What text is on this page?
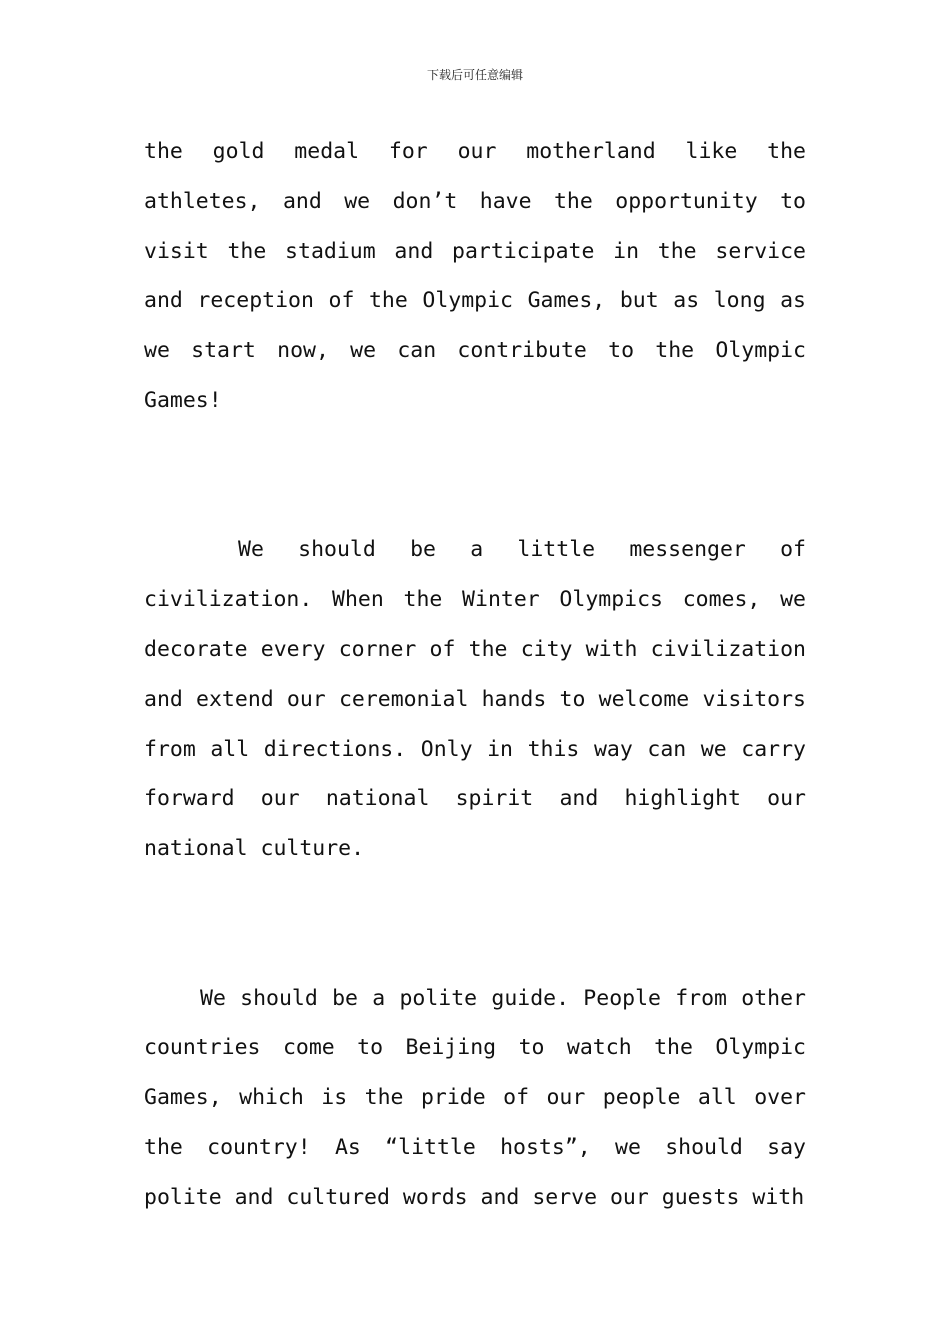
下载后可任意编辑

the gold medal for our motherland like the athletes, and we don’t have the opportunity to visit the stadium and participate in the service and reception of the Olympic Games, but as long as we start now, we can contribute to the Olympic Games!

We should be a little messenger of civilization. When the Winter Olympics comes, we decorate every corner of the city with civilization and extend our ceremonial hands to welcome visitors from all directions. Only in this way can we carry forward our national spirit and highlight our national culture.

We should be a polite guide. People from other countries come to Beijing to watch the Olympic Games, which is the pride of our people all over the country! As “little hosts”, we should say polite and cultured words and serve our guests with
